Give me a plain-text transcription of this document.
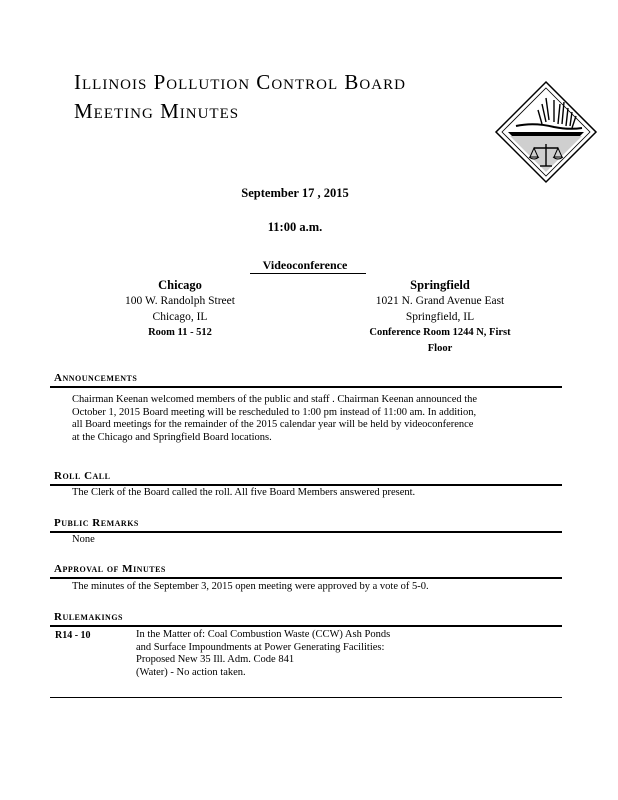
Illinois Pollution Control Board
Meeting Minutes
September 17 , 2015
11:00 a.m.
Videoconference
Chicago
100 W. Randolph Street
Chicago, IL
Room 11 - 512
Springfield
1021 N. Grand Avenue East
Springfield, IL
Conference Room 1244 N, First
Floor
Announcements
Chairman Keenan welcomed members of the public and staff . Chairman Keenan announced the
October 1, 2015 Board meeting will be rescheduled to 1:00 pm instead of 11:00 am. In addition,
all Board meetings for the remainder of the 2015 calendar year will be held by videoconference
at the Chicago and Springfield Board locations.
Roll Call
The Clerk of the Board called the roll. All five Board Members answered present.
Public Remarks
None
Approval of Minutes
The minutes of the September 3, 2015 open meeting were approved by a vote of 5-0.
Rulemakings
R14 - 10	In the Matter of: Coal Combustion Waste (CCW) Ash Ponds
and Surface Impoundments at Power Generating Facilities:
Proposed New 35 Ill. Adm. Code 841
(Water) - No action taken.
